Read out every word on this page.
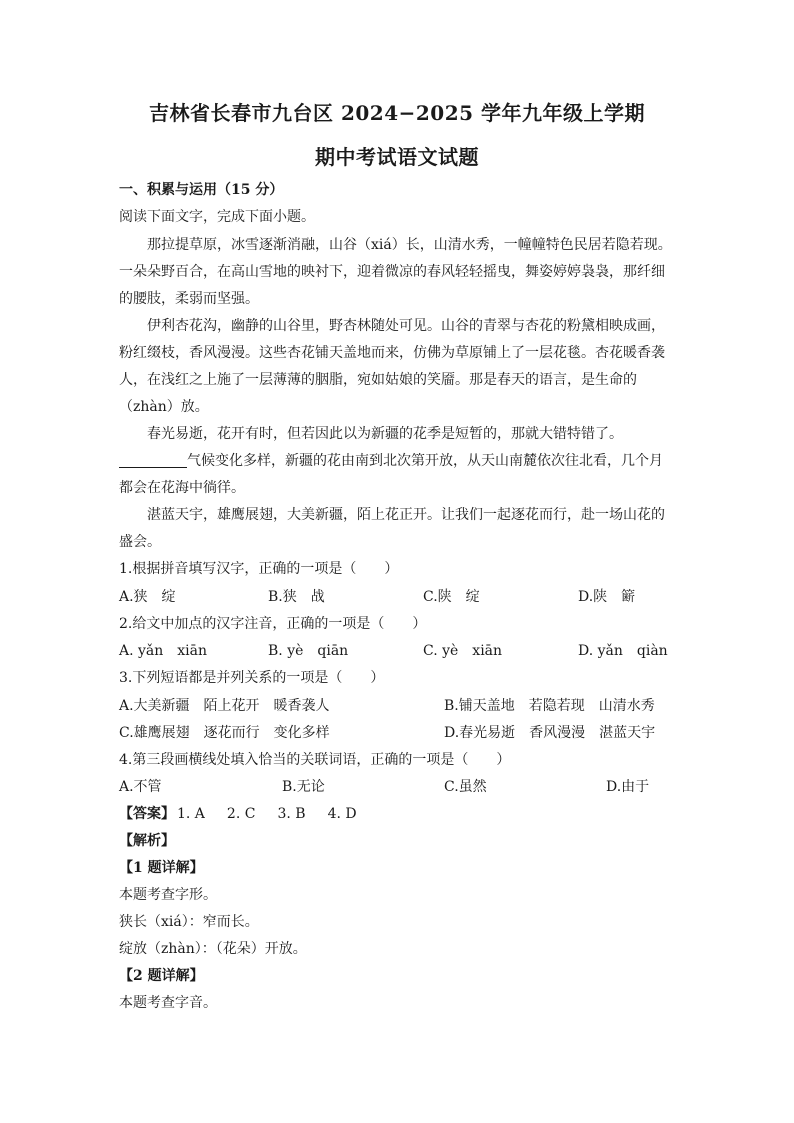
吉林省长春市九台区 2024−2025 学年九年级上学期
期中考试语文试题
一、积累与运用（15 分）
阅读下面文字，完成下面小题。
那拉提草原，冰雪逐渐消融，山谷（xiá）长，山清水秀，一幢幢特色民居若隐若现。
一朵朵野百合，在高山雪地的映衬下，迎着微凉的春风轻轻摇曳，舞姿婷婷袅袅，那纤细
的腰肢，柔弱而坚强。
伊利杏花沟，幽静的山谷里，野杏林随处可见。山谷的青翠与杏花的粉黛相映成画，
粉红缀枝，香风漫漫。这些杏花铺天盖地而来，仿佛为草原铺上了一层花毯。杏花暖香袭
人，在浅红之上施了一层薄薄的胭脂，宛如姑娘的笑靥。那是春天的语言，是生命的
（zhàn）放。
春光易逝，花开有时，但若因此以为新疆的花季是短暂的，那就大错特错了。
气候变化多样，新疆的花由南到北次第开放，从天山南麓依次往北看，几个月
都会在花海中徜徉。
湛蓝天宇，雄鹰展翅，大美新疆，陌上花正开。让我们一起逐花而行，赴一场山花的
盛会。
1.根据拼音填写汉字，正确的一项是（　　）
A.狭　绽	B.狭　战	C.陕　绽	D.陕　簖
2.给文中加点的汉字注音，正确的一项是（　　）
A. yǎn　xiān	B. yè　qiān	C. yè　xiān	D. yǎn　qiàn
3.下列短语都是并列关系的一项是（　　）
A.大美新疆　陌上花开　暖香袭人	B.铺天盖地　若隐若现　山清水秀
C.雄鹰展翅　逐花而行　变化多样	D.春光易逝　香风漫漫　湛蓝天宇
4.第三段画横线处填入恰当的关联词语，正确的一项是（　　）
A.不管	B.无论	C.虽然	D.由于
【答案】 1. A 2. C 3. B 4. D
【解析】
【1 题详解】
本题考查字形。
狭长（xiá）：窄而长。
绽放（zhàn）：（花朵）开放。
【2 题详解】
本题考查字音。
